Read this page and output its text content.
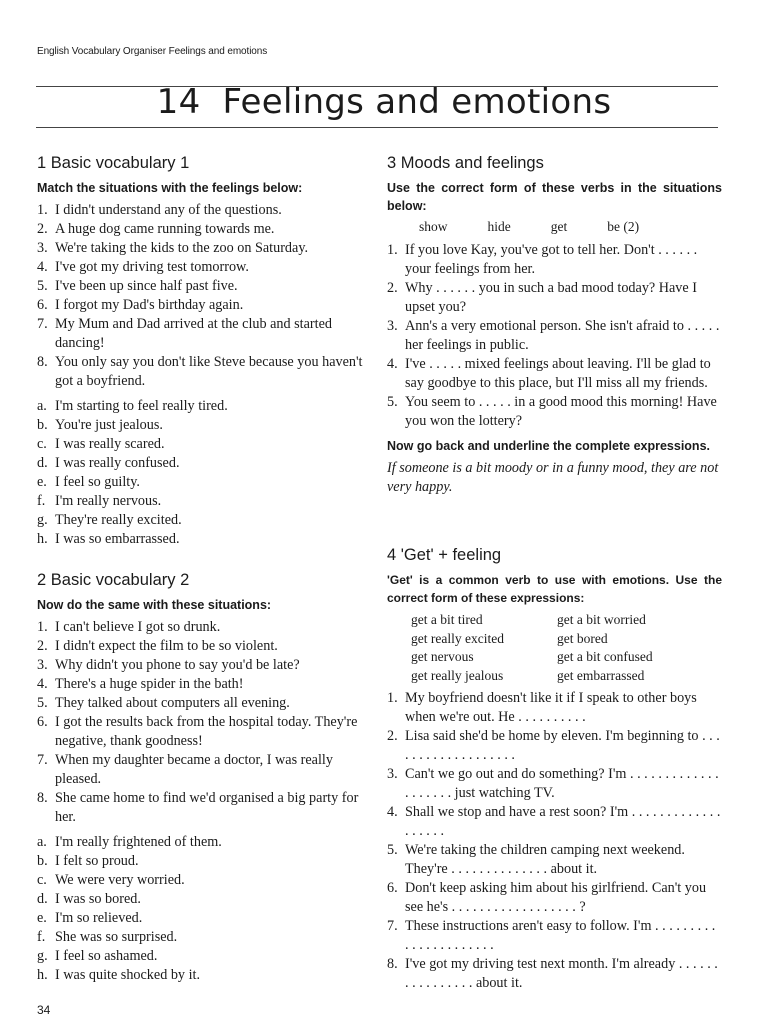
English Vocabulary Organiser Feelings and emotions
14 Feelings and emotions
1 Basic vocabulary 1
Match the situations with the feelings below:
1. I didn't understand any of the questions.
2. A huge dog came running towards me.
3. We're taking the kids to the zoo on Saturday.
4. I've got my driving test tomorrow.
5. I've been up since half past five.
6. I forgot my Dad's birthday again.
7. My Mum and Dad arrived at the club and started dancing!
8. You only say you don't like Steve because you haven't got a boyfriend.
a. I'm starting to feel really tired.
b. You're just jealous.
c. I was really scared.
d. I was really confused.
e. I feel so guilty.
f. I'm really nervous.
g. They're really excited.
h. I was so embarrassed.
2 Basic vocabulary 2
Now do the same with these situations:
1. I can't believe I got so drunk.
2. I didn't expect the film to be so violent.
3. Why didn't you phone to say you'd be late?
4. There's a huge spider in the bath!
5. They talked about computers all evening.
6. I got the results back from the hospital today. They're negative, thank goodness!
7. When my daughter became a doctor, I was really pleased.
8. She came home to find we'd organised a big party for her.
a. I'm really frightened of them.
b. I felt so proud.
c. We were very worried.
d. I was so bored.
e. I'm so relieved.
f. She was so surprised.
g. I feel so ashamed.
h. I was quite shocked by it.
3 Moods and feelings
Use the correct form of these verbs in the situations below:
show	hide	get	be (2)
1. If you love Kay, you've got to tell her. Don't . . . . . . your feelings from her.
2. Why . . . . . . you in such a bad mood today? Have I upset you?
3. Ann's a very emotional person. She isn't afraid to . . . . . her feelings in public.
4. I've . . . . . mixed feelings about leaving. I'll be glad to say goodbye to this place, but I'll miss all my friends.
5. You seem to . . . . . in a good mood this morning! Have you won the lottery?
Now go back and underline the complete expressions.
If someone is a bit moody or in a funny mood, they are not very happy.
4 'Get' + feeling
'Get' is a common verb to use with emotions. Use the correct form of these expressions:
get a bit tired	get a bit worried
get really excited	get bored
get nervous	get a bit confused
get really jealous	get embarrassed
1. My boyfriend doesn't like it if I speak to other boys when we're out. He . . . . . . . . . .
2. Lisa said she'd be home by eleven. I'm beginning to . . . . . . . . . . . . . . . . . . .
3. Can't we go out and do something? I'm . . . . . . . . . . . . . . . . . . . . just watching TV.
4. Shall we stop and have a rest soon? I'm . . . . . . . . . . . . . . . . . . .
5. We're taking the children camping next weekend. They're . . . . . . . . . . . . . . about it.
6. Don't keep asking him about his girlfriend. Can't you see he's . . . . . . . . . . . . . . . . . . ?
7. These instructions aren't easy to follow. I'm . . . . . . . . . . . . . . . . . . . . . .
8. I've got my driving test next month. I'm already . . . . . . . . . . . . . . . . about it.
34
